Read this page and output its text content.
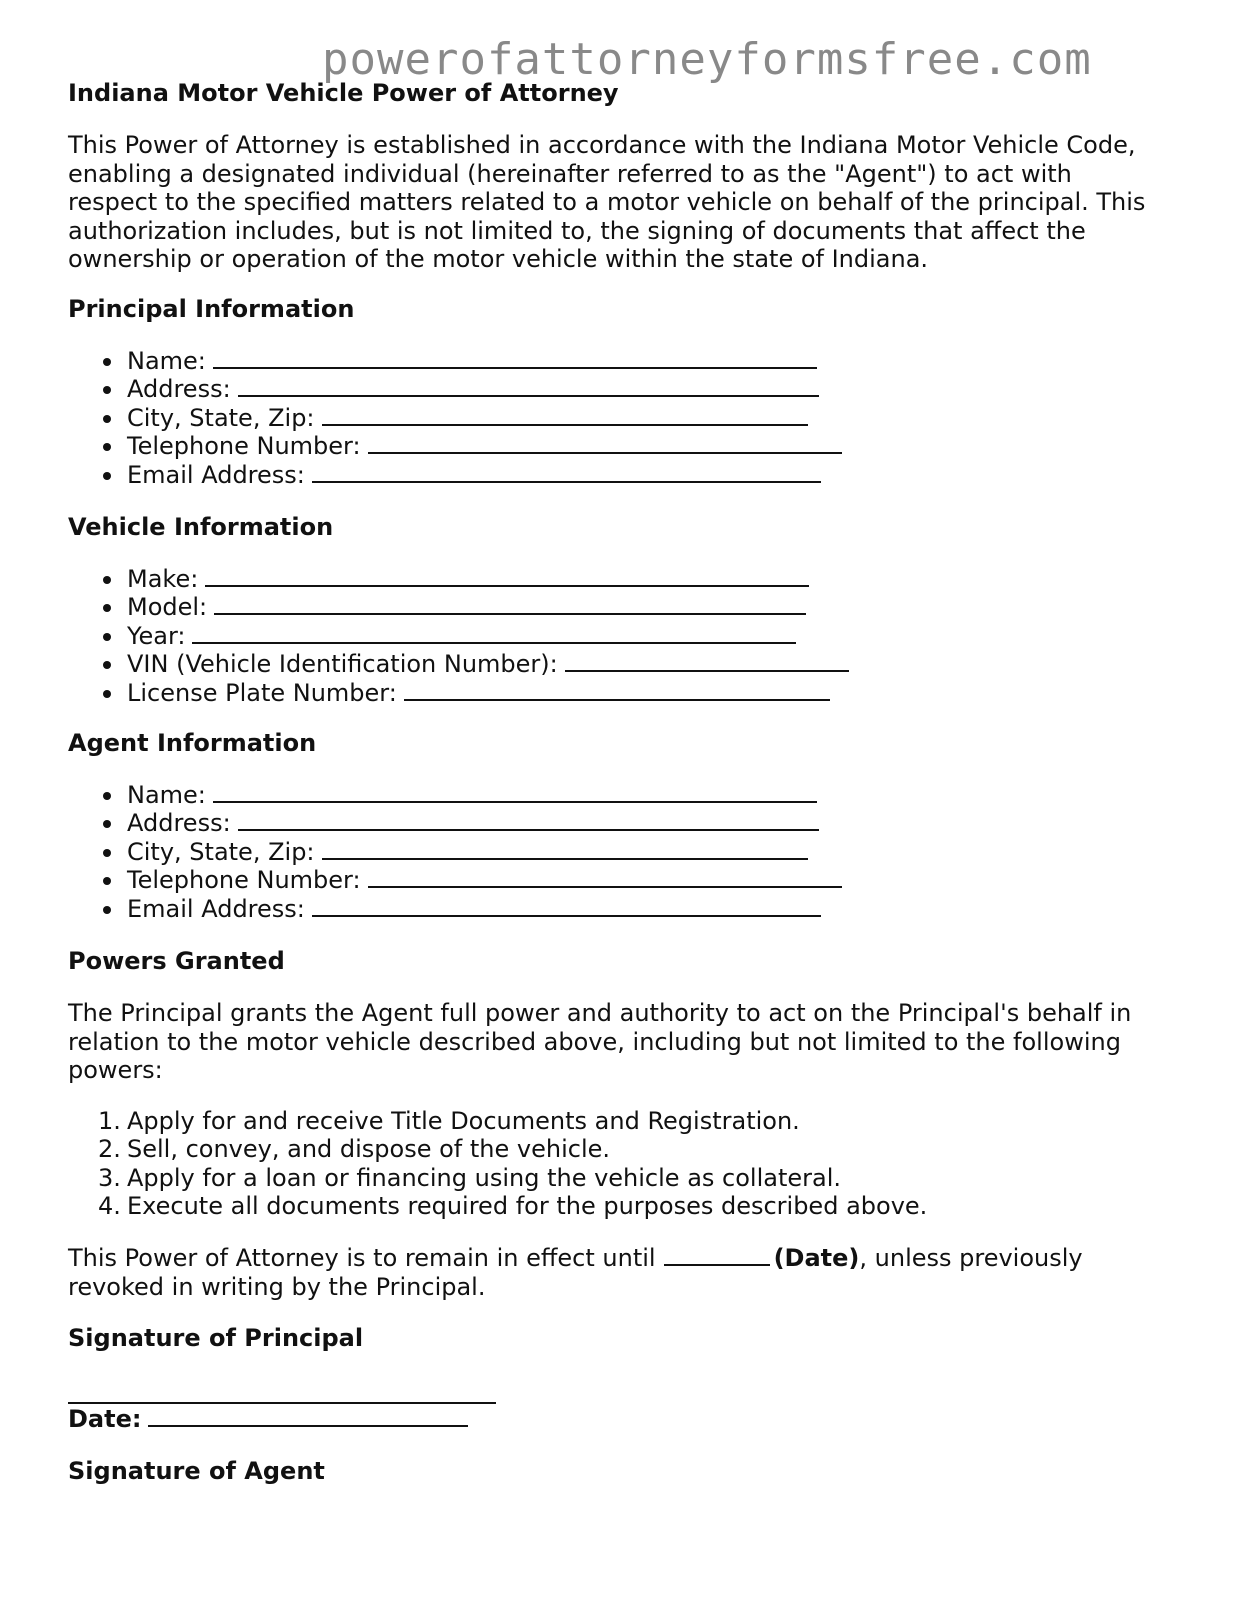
powerofattorneyformsfree.com
Indiana Motor Vehicle Power of Attorney

This Power of Attorney is established in accordance with the Indiana Motor Vehicle Code, enabling a designated individual (hereinafter referred to as the "Agent") to act with respect to the specified matters related to a motor vehicle on behalf of the principal. This authorization includes, but is not limited to, the signing of documents that affect the ownership or operation of the motor vehicle within the state of Indiana.

Principal Information
Name:
Address:
City, State, Zip:
Telephone Number:
Email Address:
Vehicle Information
Make:
Model:
Year:
VIN (Vehicle Identification Number):
License Plate Number:
Agent Information
Name:
Address:
City, State, Zip:
Telephone Number:
Email Address:
Powers Granted

The Principal grants the Agent full power and authority to act on the Principal's behalf in relation to the motor vehicle described above, including but not limited to the following powers:

1. Apply for and receive Title Documents and Registration.
2. Sell, convey, and dispose of the vehicle.
3. Apply for a loan or financing using the vehicle as collateral.
4. Execute all documents required for the purposes described above.

This Power of Attorney is to remain in effect until	(Date), unless previously revoked in writing by the Principal.

Signature of Principal
Date:
Signature of Agent
